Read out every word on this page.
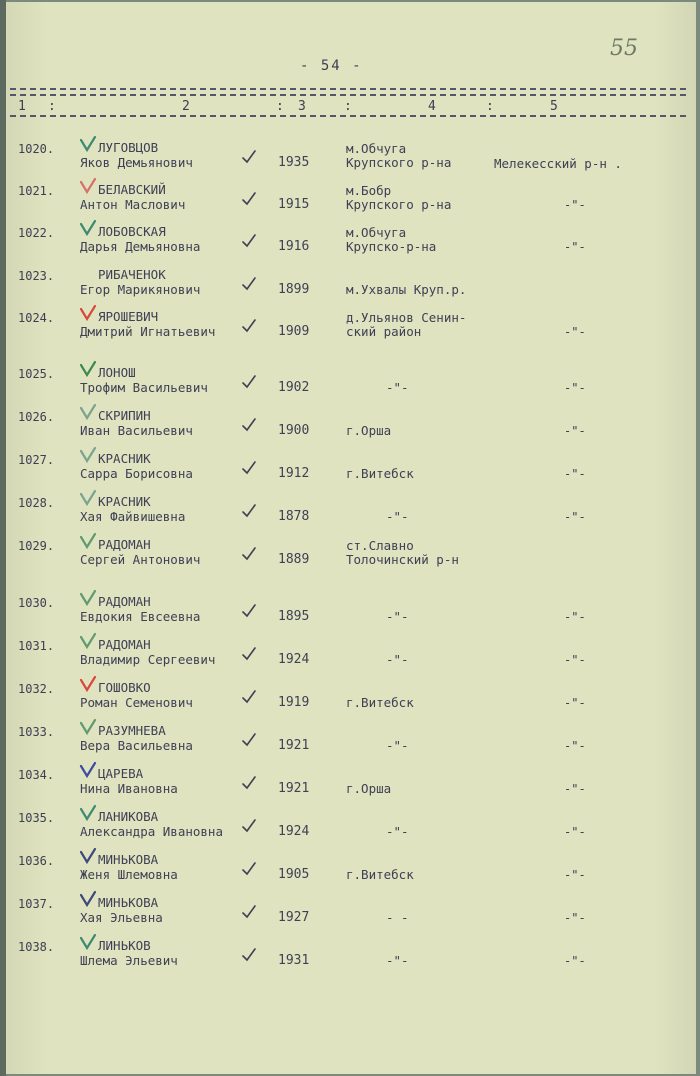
55
- 54 -
1 :	2	: 3	:	4	:	5
1020.	ЛУГОВЦОВ
Яков Демьянович	1935
м.Обчуга
Крупского р-на	Мелекесский р-н .
1021.	БЕЛАВСКИЙ
Антон Маслович	1915
м.Бобр
Крупского р-на	-"-
1022.	ЛОБОВСКАЯ
Дарья Демьяновна	1916
м.Обчуга
Крупско-р-на	-"-
1023.	РИБАЧЕНОК
Егор Марикянович	1899	м.Ухвалы Круп.р.
1024.	ЯРОШЕВИЧ
Дмитрий Игнатьевич	1909
д.Ульянов Сенин-
ский район	-"-
1025.	ЛОНОШ
Трофим Васильевич	1902	-"-	-"-
1026.	СКРИПИН
Иван Васильевич	1900	г.Орша	-"-
1027.	КРАСНИК
Сарра Борисовна	1912	г.Витебск	-"-
1028.	КРАСНИК
Хая Файвишевна	1878	-"-	-"-
1029.	РАДОМАН
Сергей Антонович	1889
ст.Славно
Толочинский р-н
1030.	РАДОМАН
Евдокия Евсеевна	1895	-"-	-"-
1031.	РАДОМАН
Владимир Сергеевич	1924	-"-	-"-
1032.	ГОШОВКО
Роман Семенович	1919	г.Витебск	-"-
1033.	РАЗУМНЕВА
Вера Васильевна	1921	-"-	-"-
1034.	ЦАРЕВА
Нина Ивановна	1921	г.Орша	-"-
1035.	ЛАНИКОВА
Александра Ивановна	1924	-"-	-"-
1036.	МИНЬКОВА
Женя Шлемовна	1905	г.Витебск	-"-
1037.	МИНЬКОВА
Хая Эльевна	1927	- -	-"-
1038.	ЛИНЬКОВ
Шлема Эльевич	1931	-"-	-"-
